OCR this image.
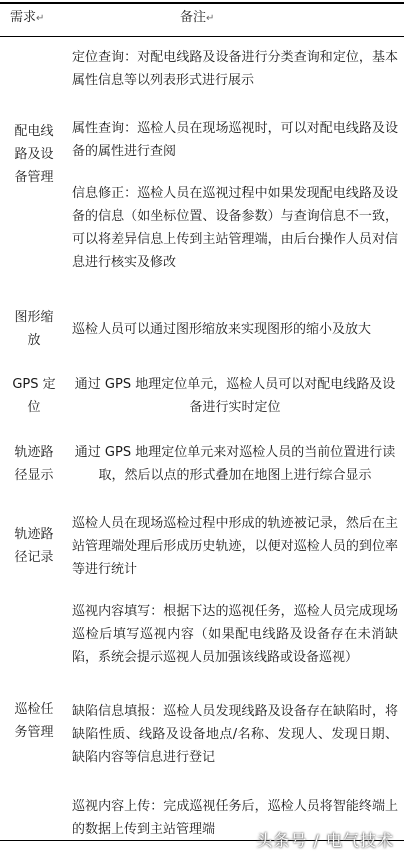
需求↵	备注↵
配电线路及设备管理
定位查询：对配电线路及设备进行分类查询和定位，基本属性信息等以列表形式进行展示
属性查询：巡检人员在现场巡视时，可以对配电线路及设备的属性进行查阅
信息修正：巡检人员在巡视过程中如果发现配电线路及设备的信息（如坐标位置、设备参数）与查询信息不一致，可以将差异信息上传到主站管理端，由后台操作人员对信息进行核实及修改
图形缩放
巡检人员可以通过图形缩放来实现图形的缩小及放大
GPS 定位
通过 GPS 地理定位单元，巡检人员可以对配电线路及设备进行实时定位
轨迹路径显示
通过 GPS 地理定位单元来对巡检人员的当前位置进行读取，然后以点的形式叠加在地图上进行综合显示
轨迹路径记录
巡检人员在现场巡检过程中形成的轨迹被记录，然后在主站管理端处理后形成历史轨迹，以便对巡检人员的到位率等进行统计
巡检任务管理
巡视内容填写：根据下达的巡视任务，巡检人员完成现场巡检后填写巡视内容（如果配电线路及设备存在未消缺陷，系统会提示巡视人员加强该线路或设备巡视）
缺陷信息填报：巡检人员发现线路及设备存在缺陷时，将缺陷性质、线路及设备地点/名称、发现人、发现日期、缺陷内容等信息进行登记
巡视内容上传：完成巡视任务后，巡检人员将智能终端上的数据上传到主站管理端
头条号 / 电气技术
